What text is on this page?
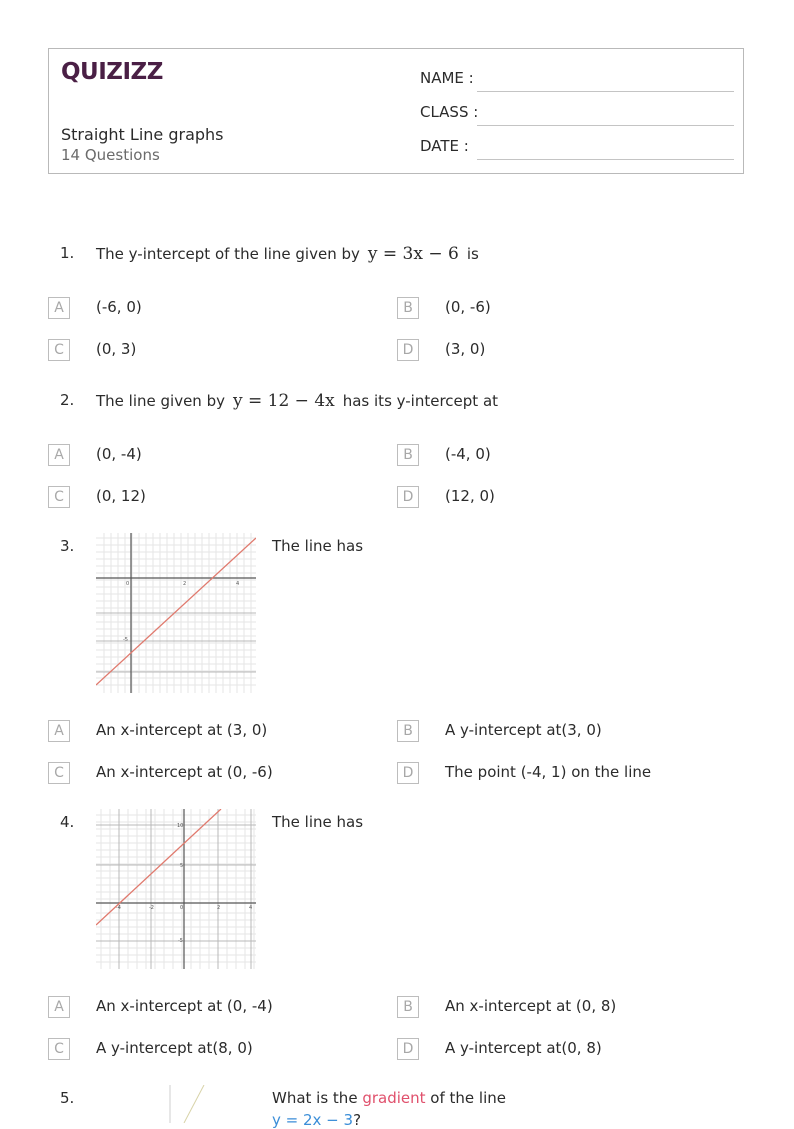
QUIZIZZ
Straight Line graphs
14 Questions
NAME :
CLASS :
DATE :
1. The y-intercept of the line given by y = 3x − 6 is
A	(-6, 0)	B	(0, -6)
C	(0, 3)	D	(3, 0)
2. The line given by y = 12 − 4x has its y-intercept at
A	(0, -4)	B	(-4, 0)
C	(0, 12)	D	(12, 0)
3.
0	2	4
-5
The line has
A	An x-intercept at (3, 0)	B	A y-intercept at(3, 0)
C	An x-intercept at (0, -6)	D	The point (-4, 1) on the line
4.
-4	-2	0	2	4
10
5
-5
The line has
A	An x-intercept at (0, -4)	B	An x-intercept at (0, 8)
C	A y-intercept at(8, 0)	D	A y-intercept at(0, 8)
5.	What is the gradient of the line
y = 2x − 3?
